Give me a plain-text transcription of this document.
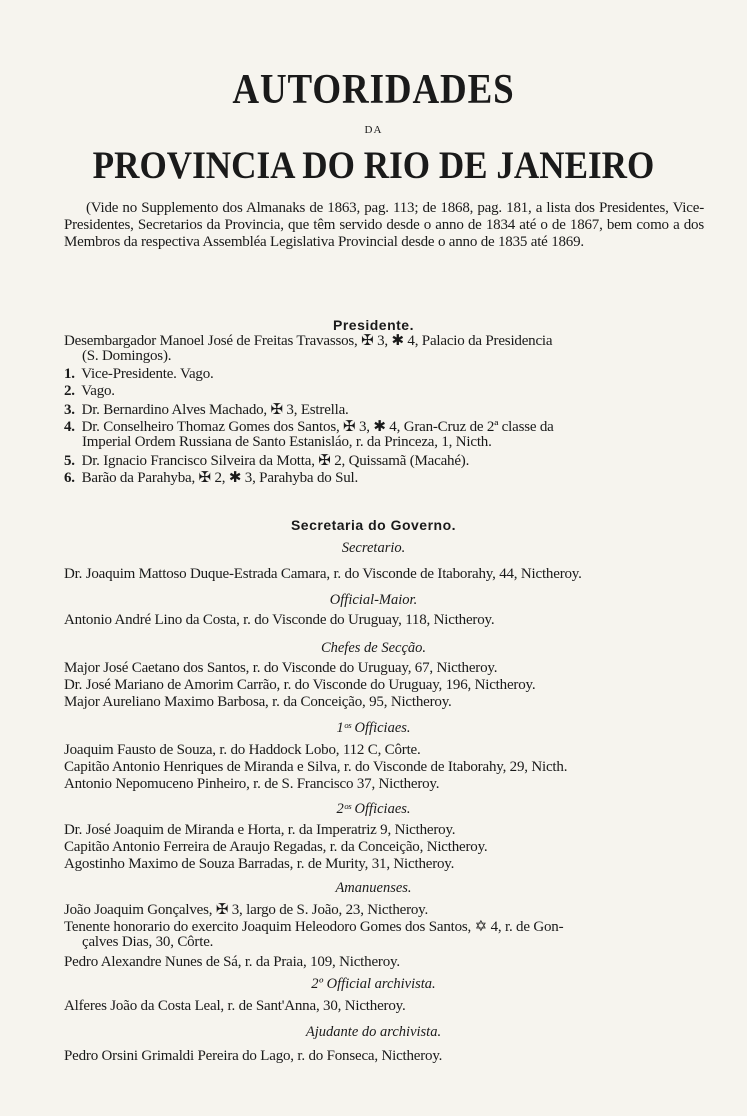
AUTORIDADES
DA
PROVINCIA DO RIO DE JANEIRO
(Vide no Supplemento dos Almanaks de 1863, pag. 113; de 1868, pag. 181, a lista dos Presidentes, Vice-Presidentes, Secretarios da Provincia, que têm servido desde o anno de 1834 até o de 1867, bem como a dos Membros da respectiva Assembléa Legislativa Provincial desde o anno de 1835 até 1869.
Presidente.
Desembargador Manoel José de Freitas Travassos, ✠ 3, ✱ 4, Palacio da Presidencia
(S. Domingos).
1. Vice-Presidente. Vago.
2. Vago.
3. Dr. Bernardino Alves Machado, ✠ 3, Estrella.
4. Dr. Conselheiro Thomaz Gomes dos Santos, ✠ 3, ✱ 4, Gran-Cruz de 2ª classe da
Imperial Ordem Russiana de Santo Estanisláo, r. da Princeza, 1, Nicth.
5. Dr. Ignacio Francisco Silveira da Motta, ✠ 2, Quissamã (Macahé).
6. Barão da Parahyba, ✠ 2, ✱ 3, Parahyba do Sul.
Secretaria do Governo.
Secretario.
Dr. Joaquim Mattoso Duque-Estrada Camara, r. do Visconde de Itaborahy, 44, Nictheroy.
Official-Maior.
Antonio André Lino da Costa, r. do Visconde do Uruguay, 118, Nictheroy.
Chefes de Secção.
Major José Caetano dos Santos, r. do Visconde do Uruguay, 67, Nictheroy.
Dr. José Mariano de Amorim Carrão, r. do Visconde do Uruguay, 196, Nictheroy.
Major Aureliano Maximo Barbosa, r. da Conceição, 95, Nictheroy.
1ᵒˢ Officiaes.
Joaquim Fausto de Souza, r. do Haddock Lobo, 112 C, Côrte.
Capitão Antonio Henriques de Miranda e Silva, r. do Visconde de Itaborahy, 29, Nicth.
Antonio Nepomuceno Pinheiro, r. de S. Francisco 37, Nictheroy.
2ᵒˢ Officiaes.
Dr. José Joaquim de Miranda e Horta, r. da Imperatriz 9, Nictheroy.
Capitão Antonio Ferreira de Araujo Regadas, r. da Conceição, Nictheroy.
Agostinho Maximo de Souza Barradas, r. de Murity, 31, Nictheroy.
Amanuenses.
João Joaquim Gonçalves, ✠ 3, largo de S. João, 23, Nictheroy.
Tenente honorario do exercito Joaquim Heleodoro Gomes dos Santos, ✡ 4, r. de Gon-
çalves Dias, 30, Côrte.
Pedro Alexandre Nunes de Sá, r. da Praia, 109, Nictheroy.
2º Official archivista.
Alferes João da Costa Leal, r. de Sant'Anna, 30, Nictheroy.
Ajudante do archivista.
Pedro Orsini Grimaldi Pereira do Lago, r. do Fonseca, Nictheroy.
